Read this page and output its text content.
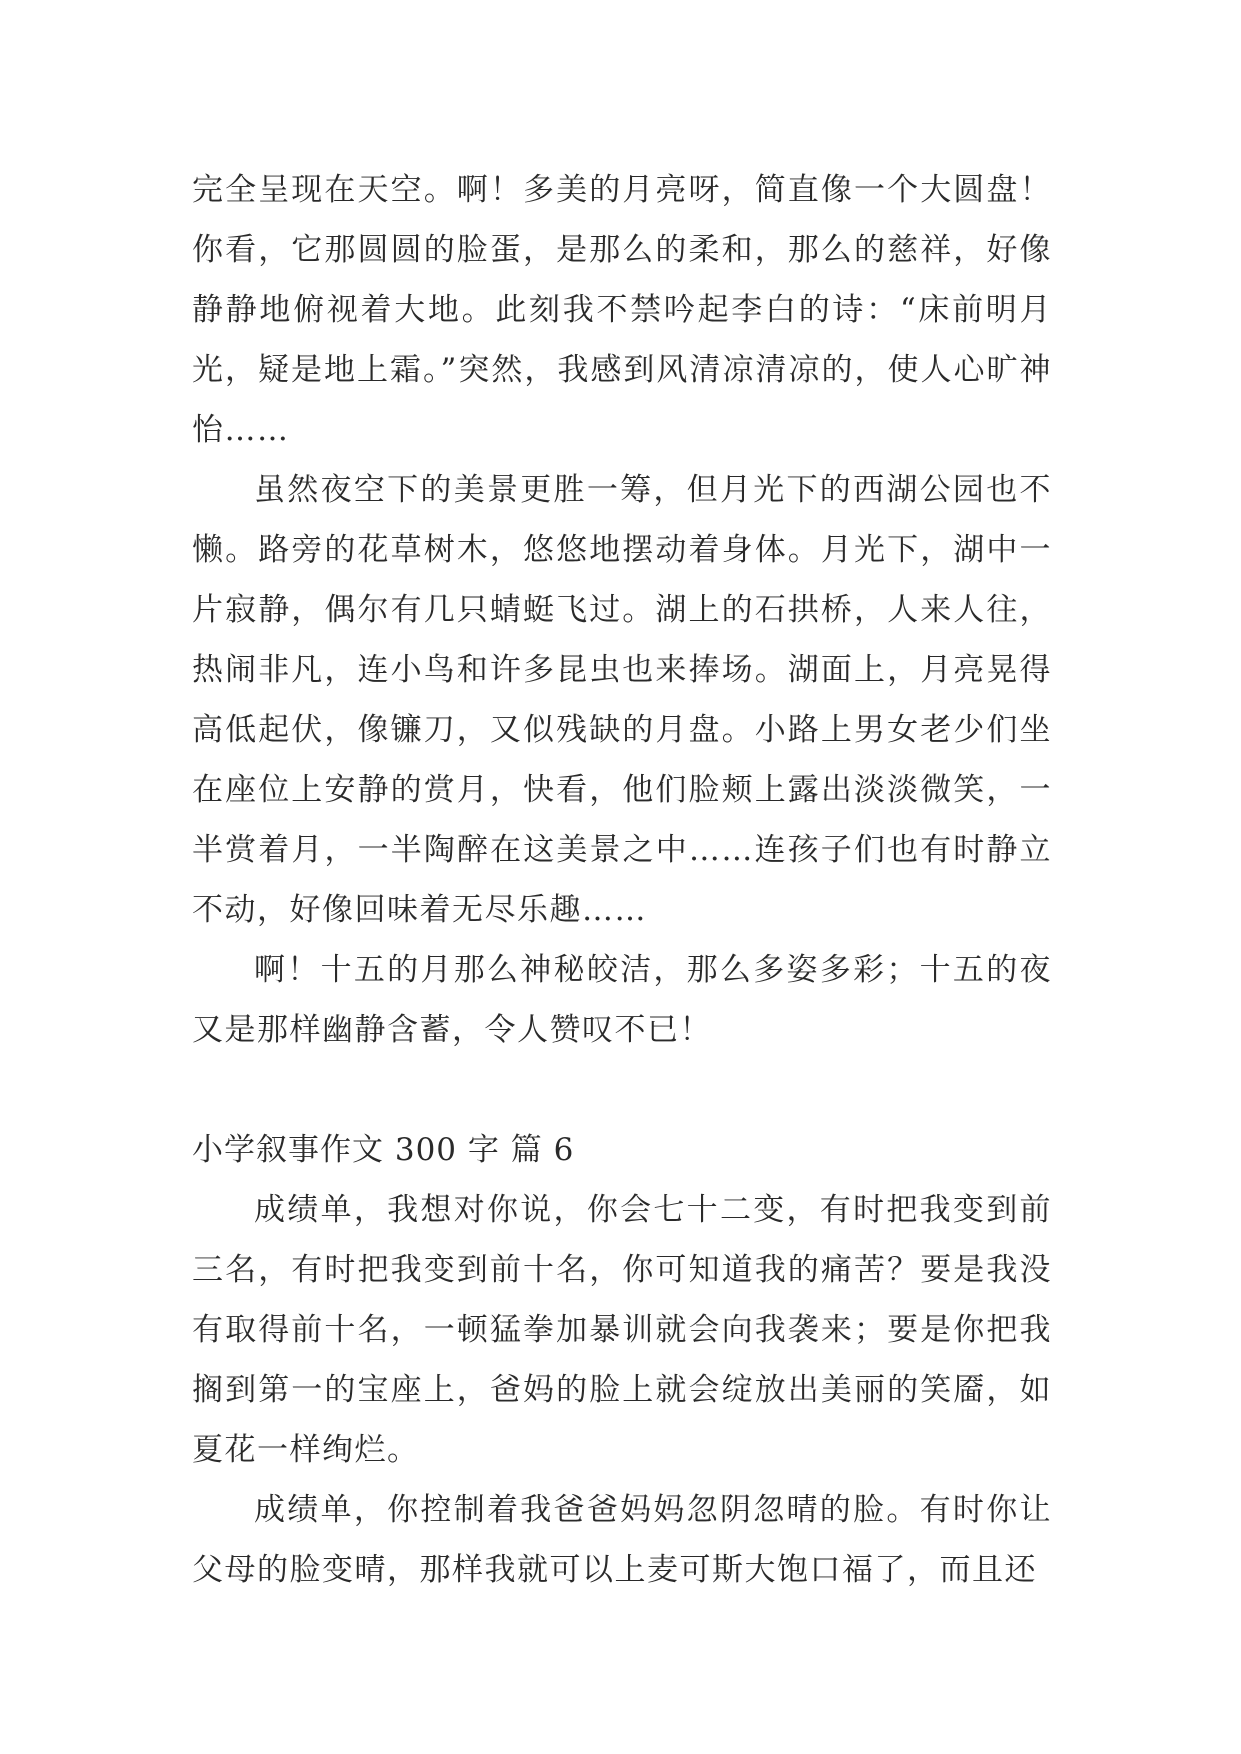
完全呈现在天空。啊！多美的月亮呀，简直像一个大圆盘！你看，它那圆圆的脸蛋，是那么的柔和，那么的慈祥，好像静静地俯视着大地。此刻我不禁吟起李白的诗：“床前明月光，疑是地上霜。”突然，我感到风清凉清凉的，使人心旷神怡……

虽然夜空下的美景更胜一筹，但月光下的西湖公园也不懒。路旁的花草树木，悠悠地摆动着身体。月光下，湖中一片寂静，偶尔有几只蜻蜓飞过。湖上的石拱桥，人来人往，热闹非凡，连小鸟和许多昆虫也来捧场。湖面上，月亮晃得高低起伏，像镰刀，又似残缺的月盘。小路上男女老少们坐在座位上安静的赏月，快看，他们脸颊上露出淡淡微笑，一半赏着月，一半陶醉在这美景之中……连孩子们也有时静立不动，好像回味着无尽乐趣……

啊！十五的月那么神秘皎洁，那么多姿多彩；十五的夜又是那样幽静含蓄，令人赞叹不已！

小学叙事作文 300 字 篇 6

成绩单，我想对你说，你会七十二变，有时把我变到前三名，有时把我变到前十名，你可知道我的痛苦？要是我没有取得前十名，一顿猛拳加暴训就会向我袭来；要是你把我搁到第一的宝座上，爸妈的脸上就会绽放出美丽的笑靥，如夏花一样绚烂。

成绩单，你控制着我爸爸妈妈忽阴忽晴的脸。有时你让父母的脸变晴，那样我就可以上麦可斯大饱口福了，而且还
